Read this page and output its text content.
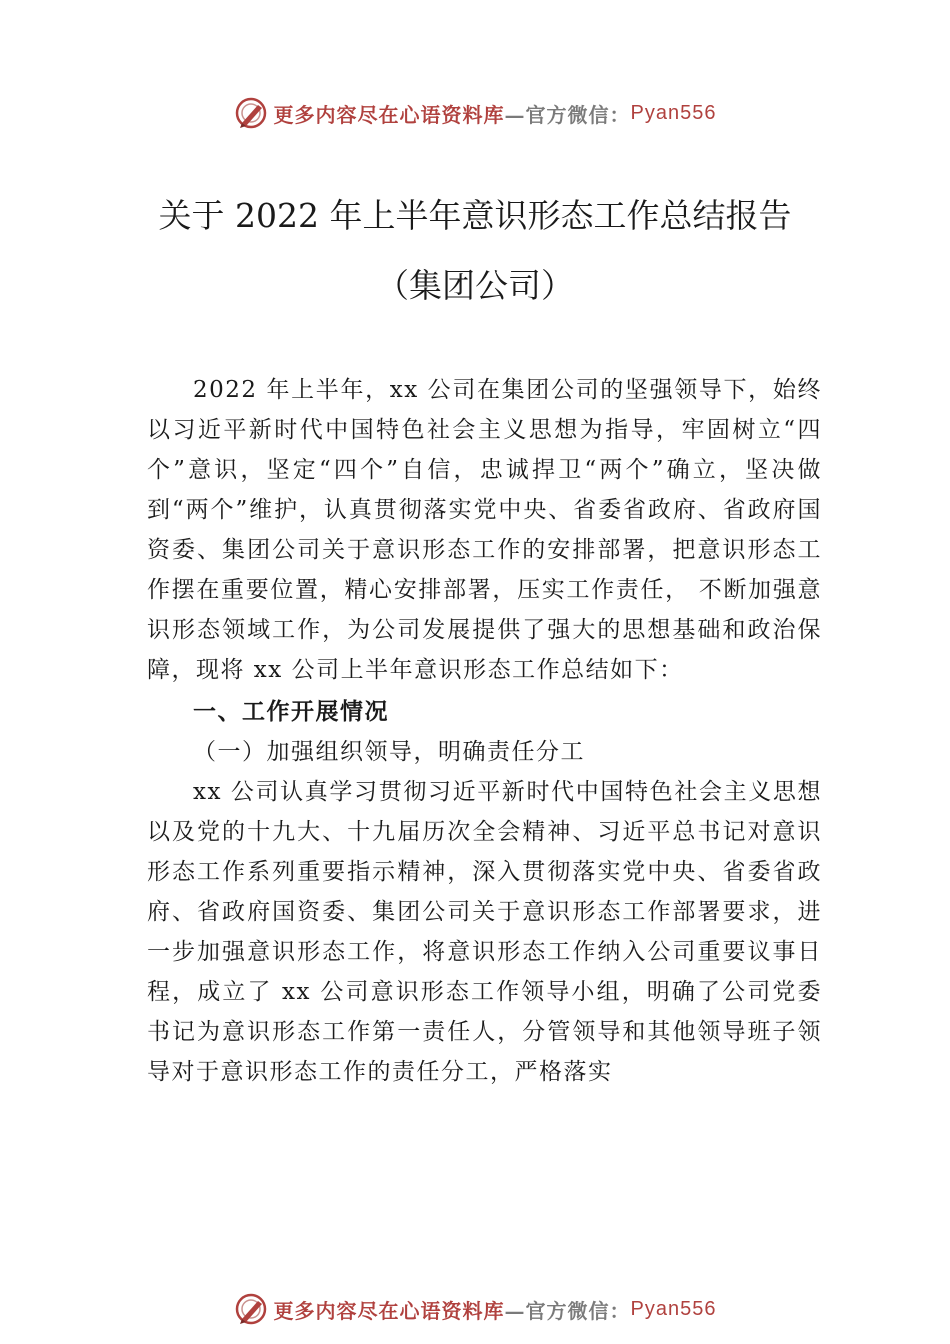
更多内容尽在心语资料库 —官方微信： Pyan556
关于 2022 年上半年意识形态工作总结报告
（集团公司）

2022 年上半年，xx 公司在集团公司的坚强领导下，始终以习近平新时代中国特色社会主义思想为指导，牢固树立“四个”意识，坚定“四个”自信，忠诚捍卫“两个”确立，坚决做到“两个”维护，认真贯彻落实党中央、省委省政府、省政府国资委、集团公司关于意识形态工作的安排部署，把意识形态工作摆在重要位置，精心安排部署，压实工作责任， 不断加强意识形态领域工作，为公司发展提供了强大的思想基础和政治保障，现将 xx 公司上半年意识形态工作总结如下：

一、工作开展情况

（一）加强组织领导，明确责任分工

xx 公司认真学习贯彻习近平新时代中国特色社会主义思想以及党的十九大、十九届历次全会精神、习近平总书记对意识形态工作系列重要指示精神，深入贯彻落实党中央、省委省政府、省政府国资委、集团公司关于意识形态工作部署要求，进一步加强意识形态工作，将意识形态工作纳入公司重要议事日程，成立了 xx 公司意识形态工作领导小组，明确了公司党委书记为意识形态工作第一责任人，分管领导和其他领导班子领导对于意识形态工作的责任分工，严格落实

更多内容尽在心语资料库 —官方微信： Pyan556
